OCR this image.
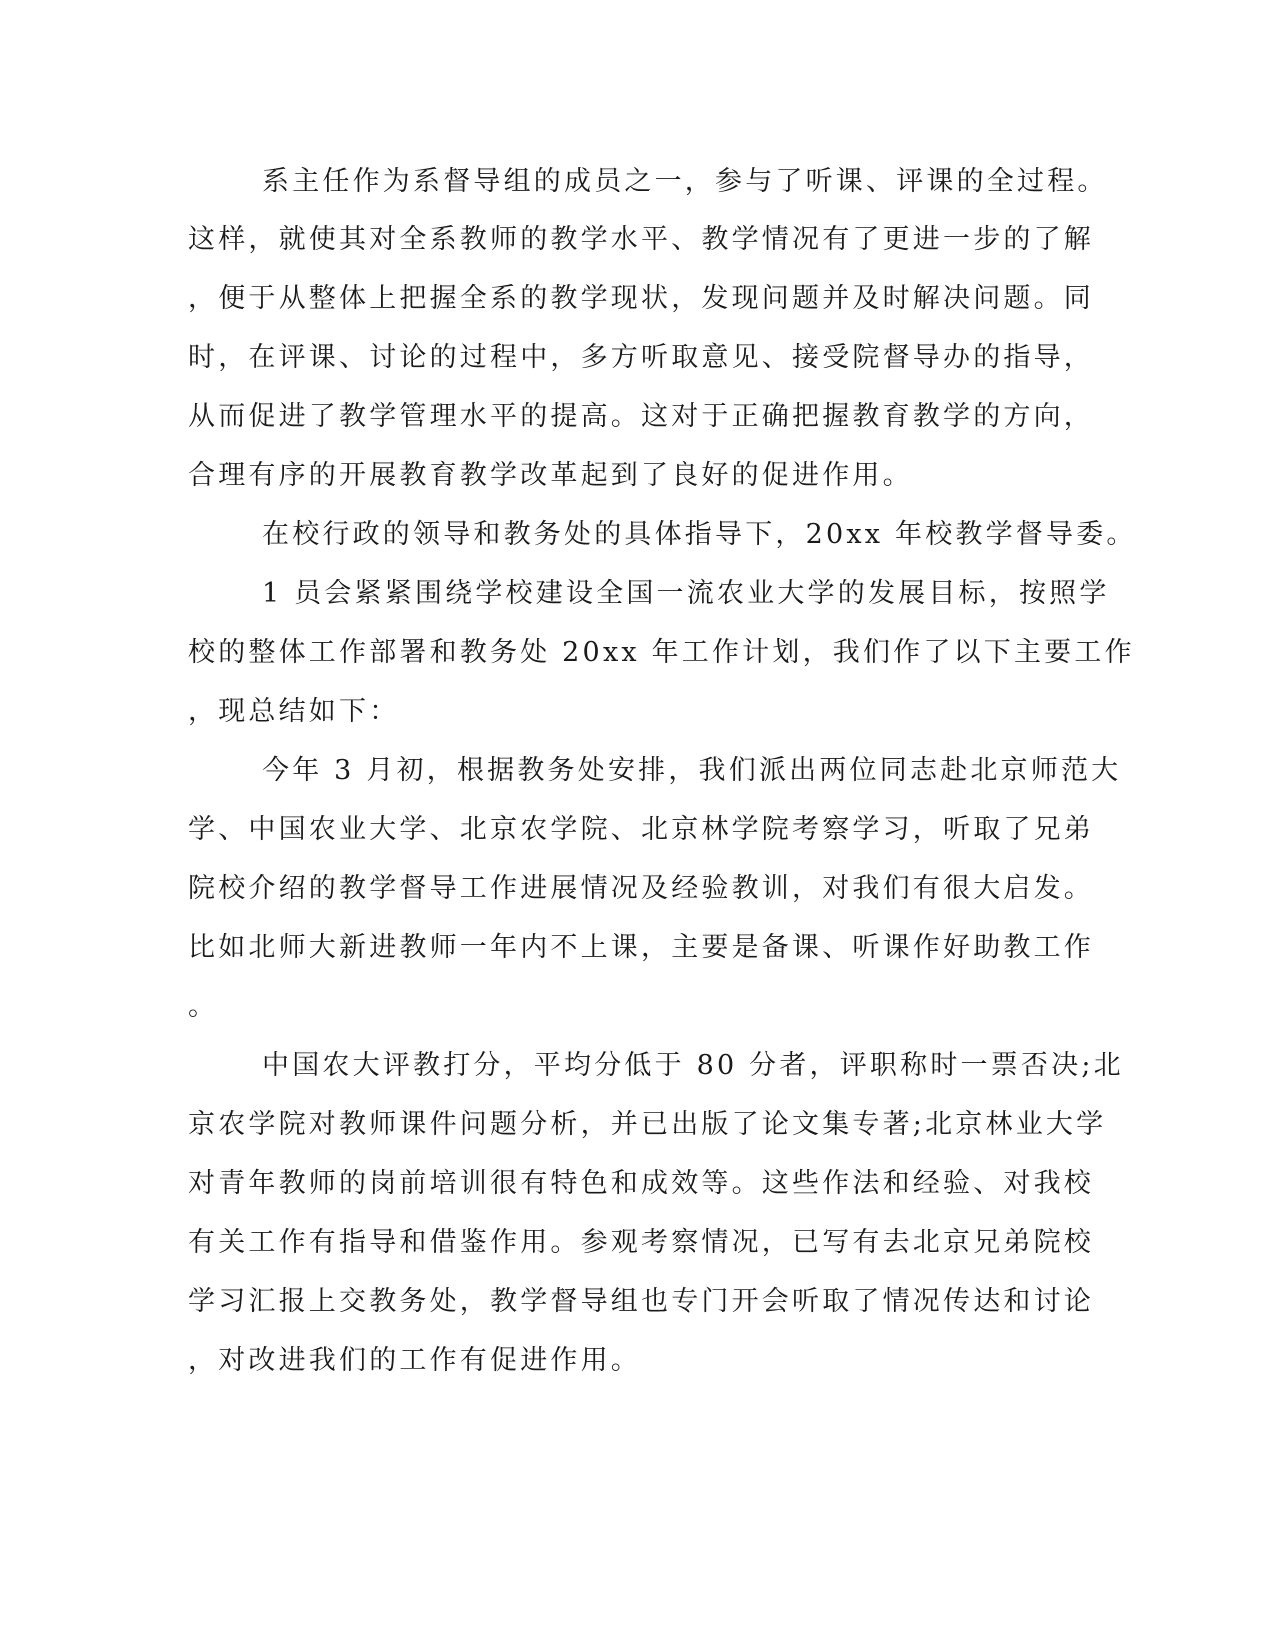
系主任作为系督导组的成员之一，参与了听课、评课的全过程。
这样，就使其对全系教师的教学水平、教学情况有了更进一步的了解
，便于从整体上把握全系的教学现状，发现问题并及时解决问题。同
时，在评课、讨论的过程中，多方听取意见、接受院督导办的指导，
从而促进了教学管理水平的提高。这对于正确把握教育教学的方向，
合理有序的开展教育教学改革起到了良好的促进作用。
在校行政的领导和教务处的具体指导下，20xx 年校教学督导委。
1 员会紧紧围绕学校建设全国一流农业大学的发展目标，按照学
校的整体工作部署和教务处 20xx 年工作计划，我们作了以下主要工作
，现总结如下：
今年 3 月初，根据教务处安排，我们派出两位同志赴北京师范大
学、中国农业大学、北京农学院、北京林学院考察学习，听取了兄弟
院校介绍的教学督导工作进展情况及经验教训，对我们有很大启发。
比如北师大新进教师一年内不上课，主要是备课、听课作好助教工作
。
中国农大评教打分，平均分低于 80 分者，评职称时一票否决;北
京农学院对教师课件问题分析，并已出版了论文集专著;北京林业大学
对青年教师的岗前培训很有特色和成效等。这些作法和经验、对我校
有关工作有指导和借鉴作用。参观考察情况，已写有去北京兄弟院校
学习汇报上交教务处，教学督导组也专门开会听取了情况传达和讨论
，对改进我们的工作有促进作用。
